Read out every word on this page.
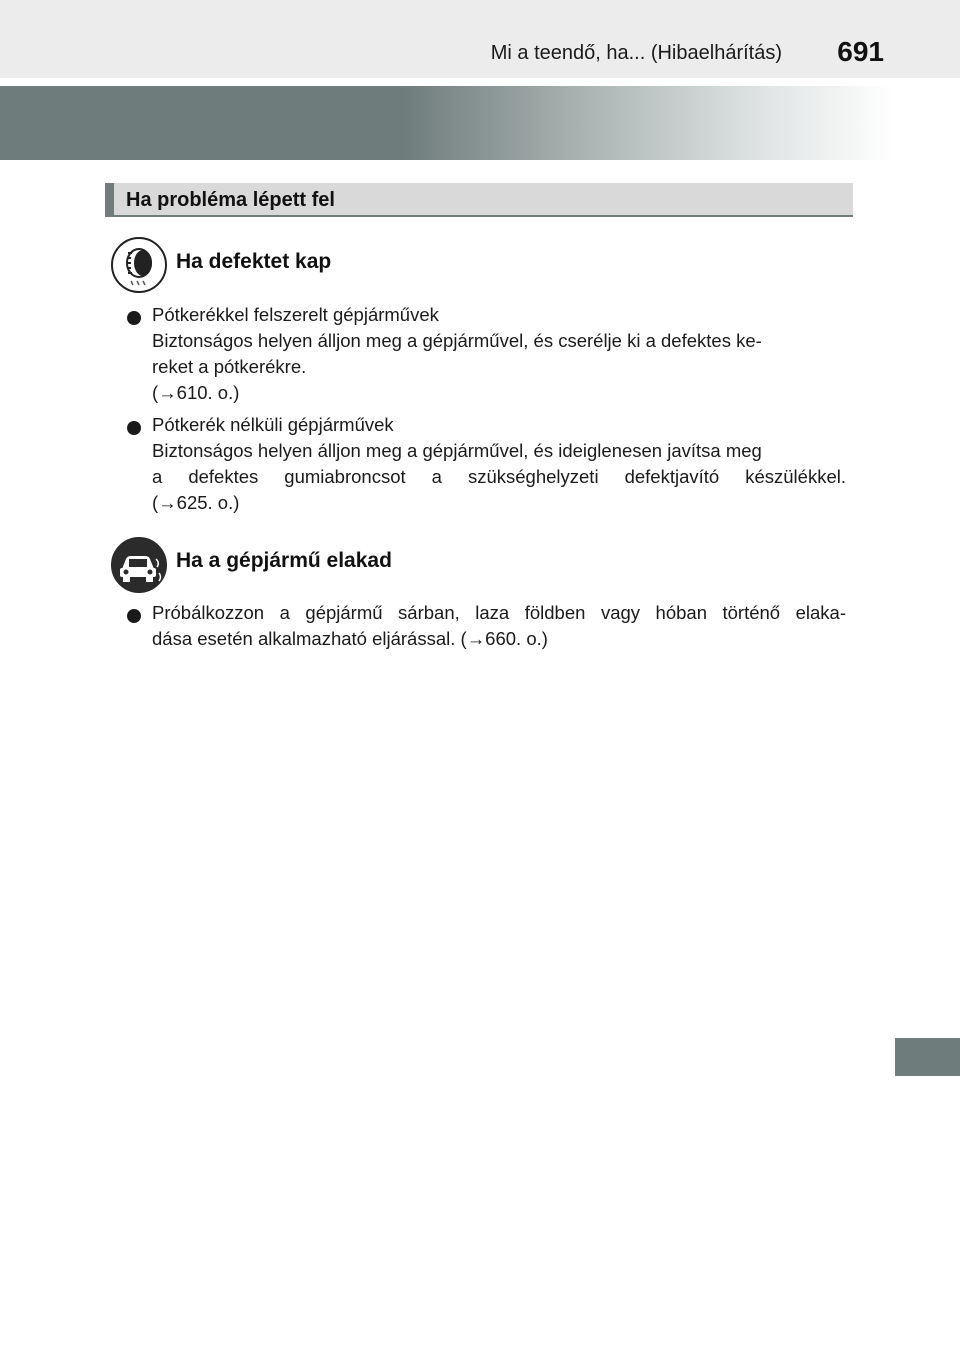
Mi a teendő, ha... (Hibaelhárítás) 691
Ha probléma lépett fel
Ha defektet kap
Pótkerékkel felszerelt gépjárművek
Biztonságos helyen álljon meg a gépjárművel, és cserélje ki a defektes ke-
reket a pótkerékre.
(→610. o.)
Pótkerék nélküli gépjárművek
Biztonságos helyen álljon meg a gépjárművel, és ideiglenesen javítsa meg
a defektes gumiabroncsot a szükséghelyzeti defektjavító készülékkel.
(→625. o.)
Ha a gépjármű elakad
Próbálkozzon a gépjármű sárban, laza földben vagy hóban történő elaka-
dása esetén alkalmazható eljárással. (→660. o.)
